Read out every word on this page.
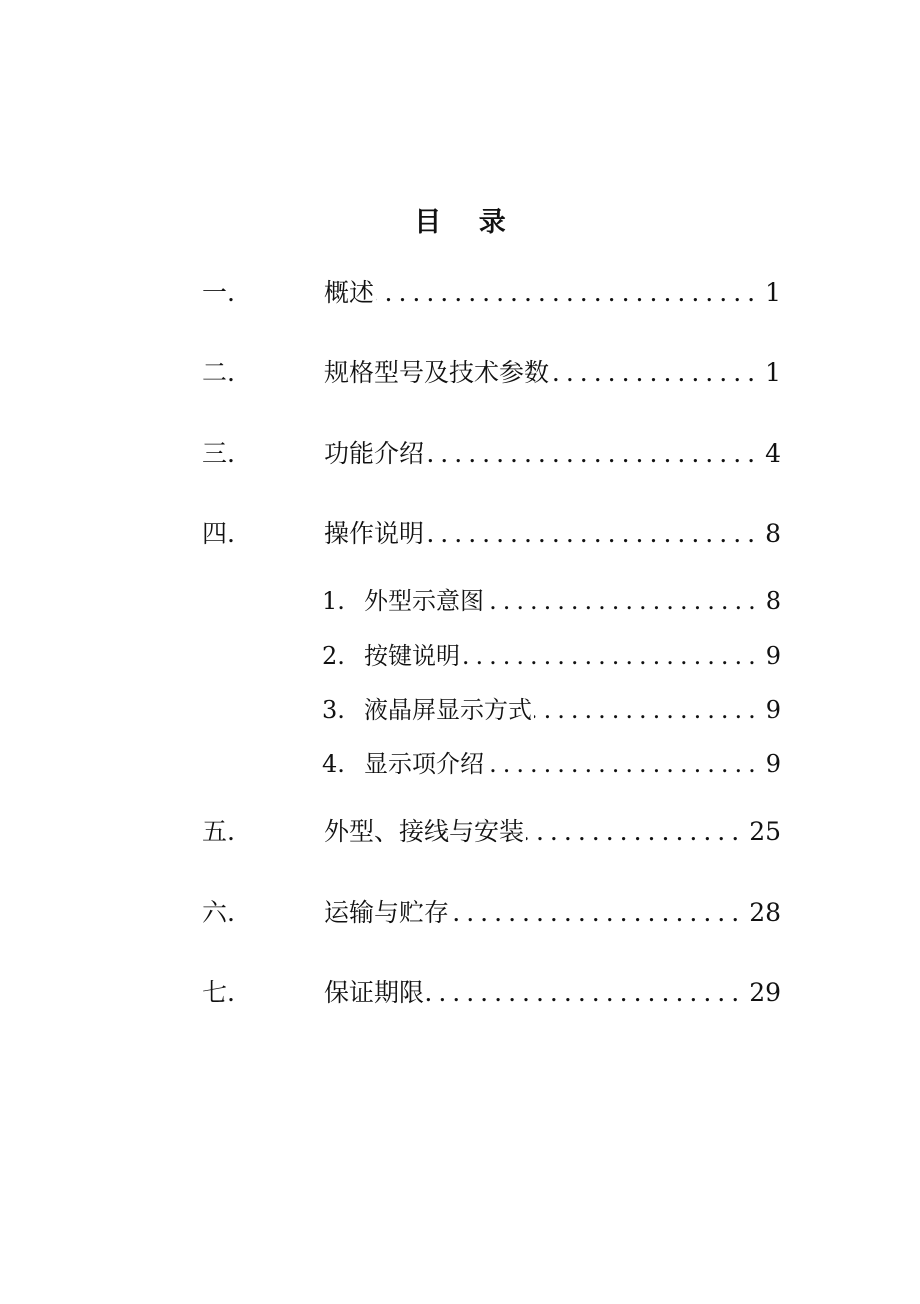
目 录
一.	概述 .....	1
二.	规格型号及技术参数 .....	1
三.	功能介绍 .....	4
四.	操作说明 .....	8
1. 外型示意图 .....	8
2. 按键说明 .....	9
3. 液晶屏显示方式 .....	9
4. 显示项介绍 .....	9
五.	外型、接线与安装 .....	25
六.	运输与贮存 .....	28
七.	保证期限 .....	29
